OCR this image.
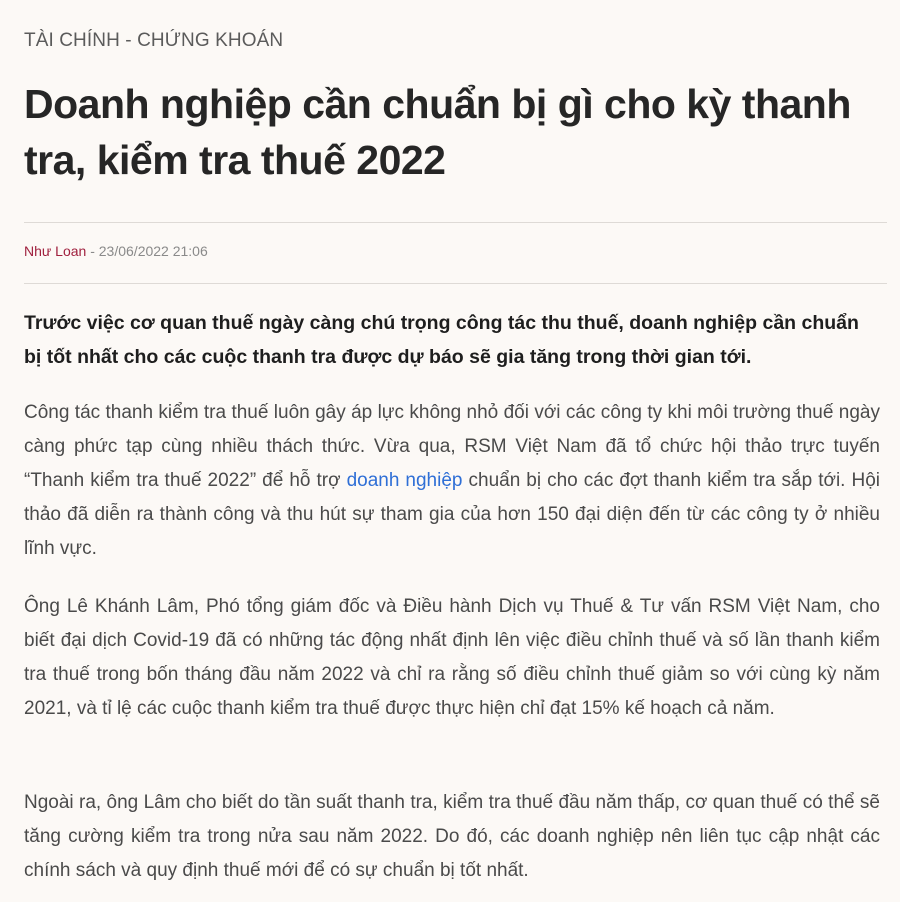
TÀI CHÍNH - CHỨNG KHOÁN
Doanh nghiệp cần chuẩn bị gì cho kỳ thanh tra, kiểm tra thuế 2022
Như Loan - 23/06/2022 21:06

Trước việc cơ quan thuế ngày càng chú trọng công tác thu thuế, doanh nghiệp cần chuẩn bị tốt nhất cho các cuộc thanh tra được dự báo sẽ gia tăng trong thời gian tới.

Công tác thanh kiểm tra thuế luôn gây áp lực không nhỏ đối với các công ty khi môi trường thuế ngày càng phức tạp cùng nhiều thách thức. Vừa qua, RSM Việt Nam đã tổ chức hội thảo trực tuyến “Thanh kiểm tra thuế 2022” để hỗ trợ doanh nghiệp chuẩn bị cho các đợt thanh kiểm tra sắp tới. Hội thảo đã diễn ra thành công và thu hút sự tham gia của hơn 150 đại diện đến từ các công ty ở nhiều lĩnh vực.

Ông Lê Khánh Lâm, Phó tổng giám đốc và Điều hành Dịch vụ Thuế & Tư vấn RSM Việt Nam, cho biết đại dịch Covid-19 đã có những tác động nhất định lên việc điều chỉnh thuế và số lần thanh kiểm tra thuế trong bốn tháng đầu năm 2022 và chỉ ra rằng số điều chỉnh thuế giảm so với cùng kỳ năm 2021, và tỉ lệ các cuộc thanh kiểm tra thuế được thực hiện chỉ đạt 15% kế hoạch cả năm.

Ngoài ra, ông Lâm cho biết do tần suất thanh tra, kiểm tra thuế đầu năm thấp, cơ quan thuế có thể sẽ tăng cường kiểm tra trong nửa sau năm 2022. Do đó, các doanh nghiệp nên liên tục cập nhật các chính sách và quy định thuế mới để có sự chuẩn bị tốt nhất.
